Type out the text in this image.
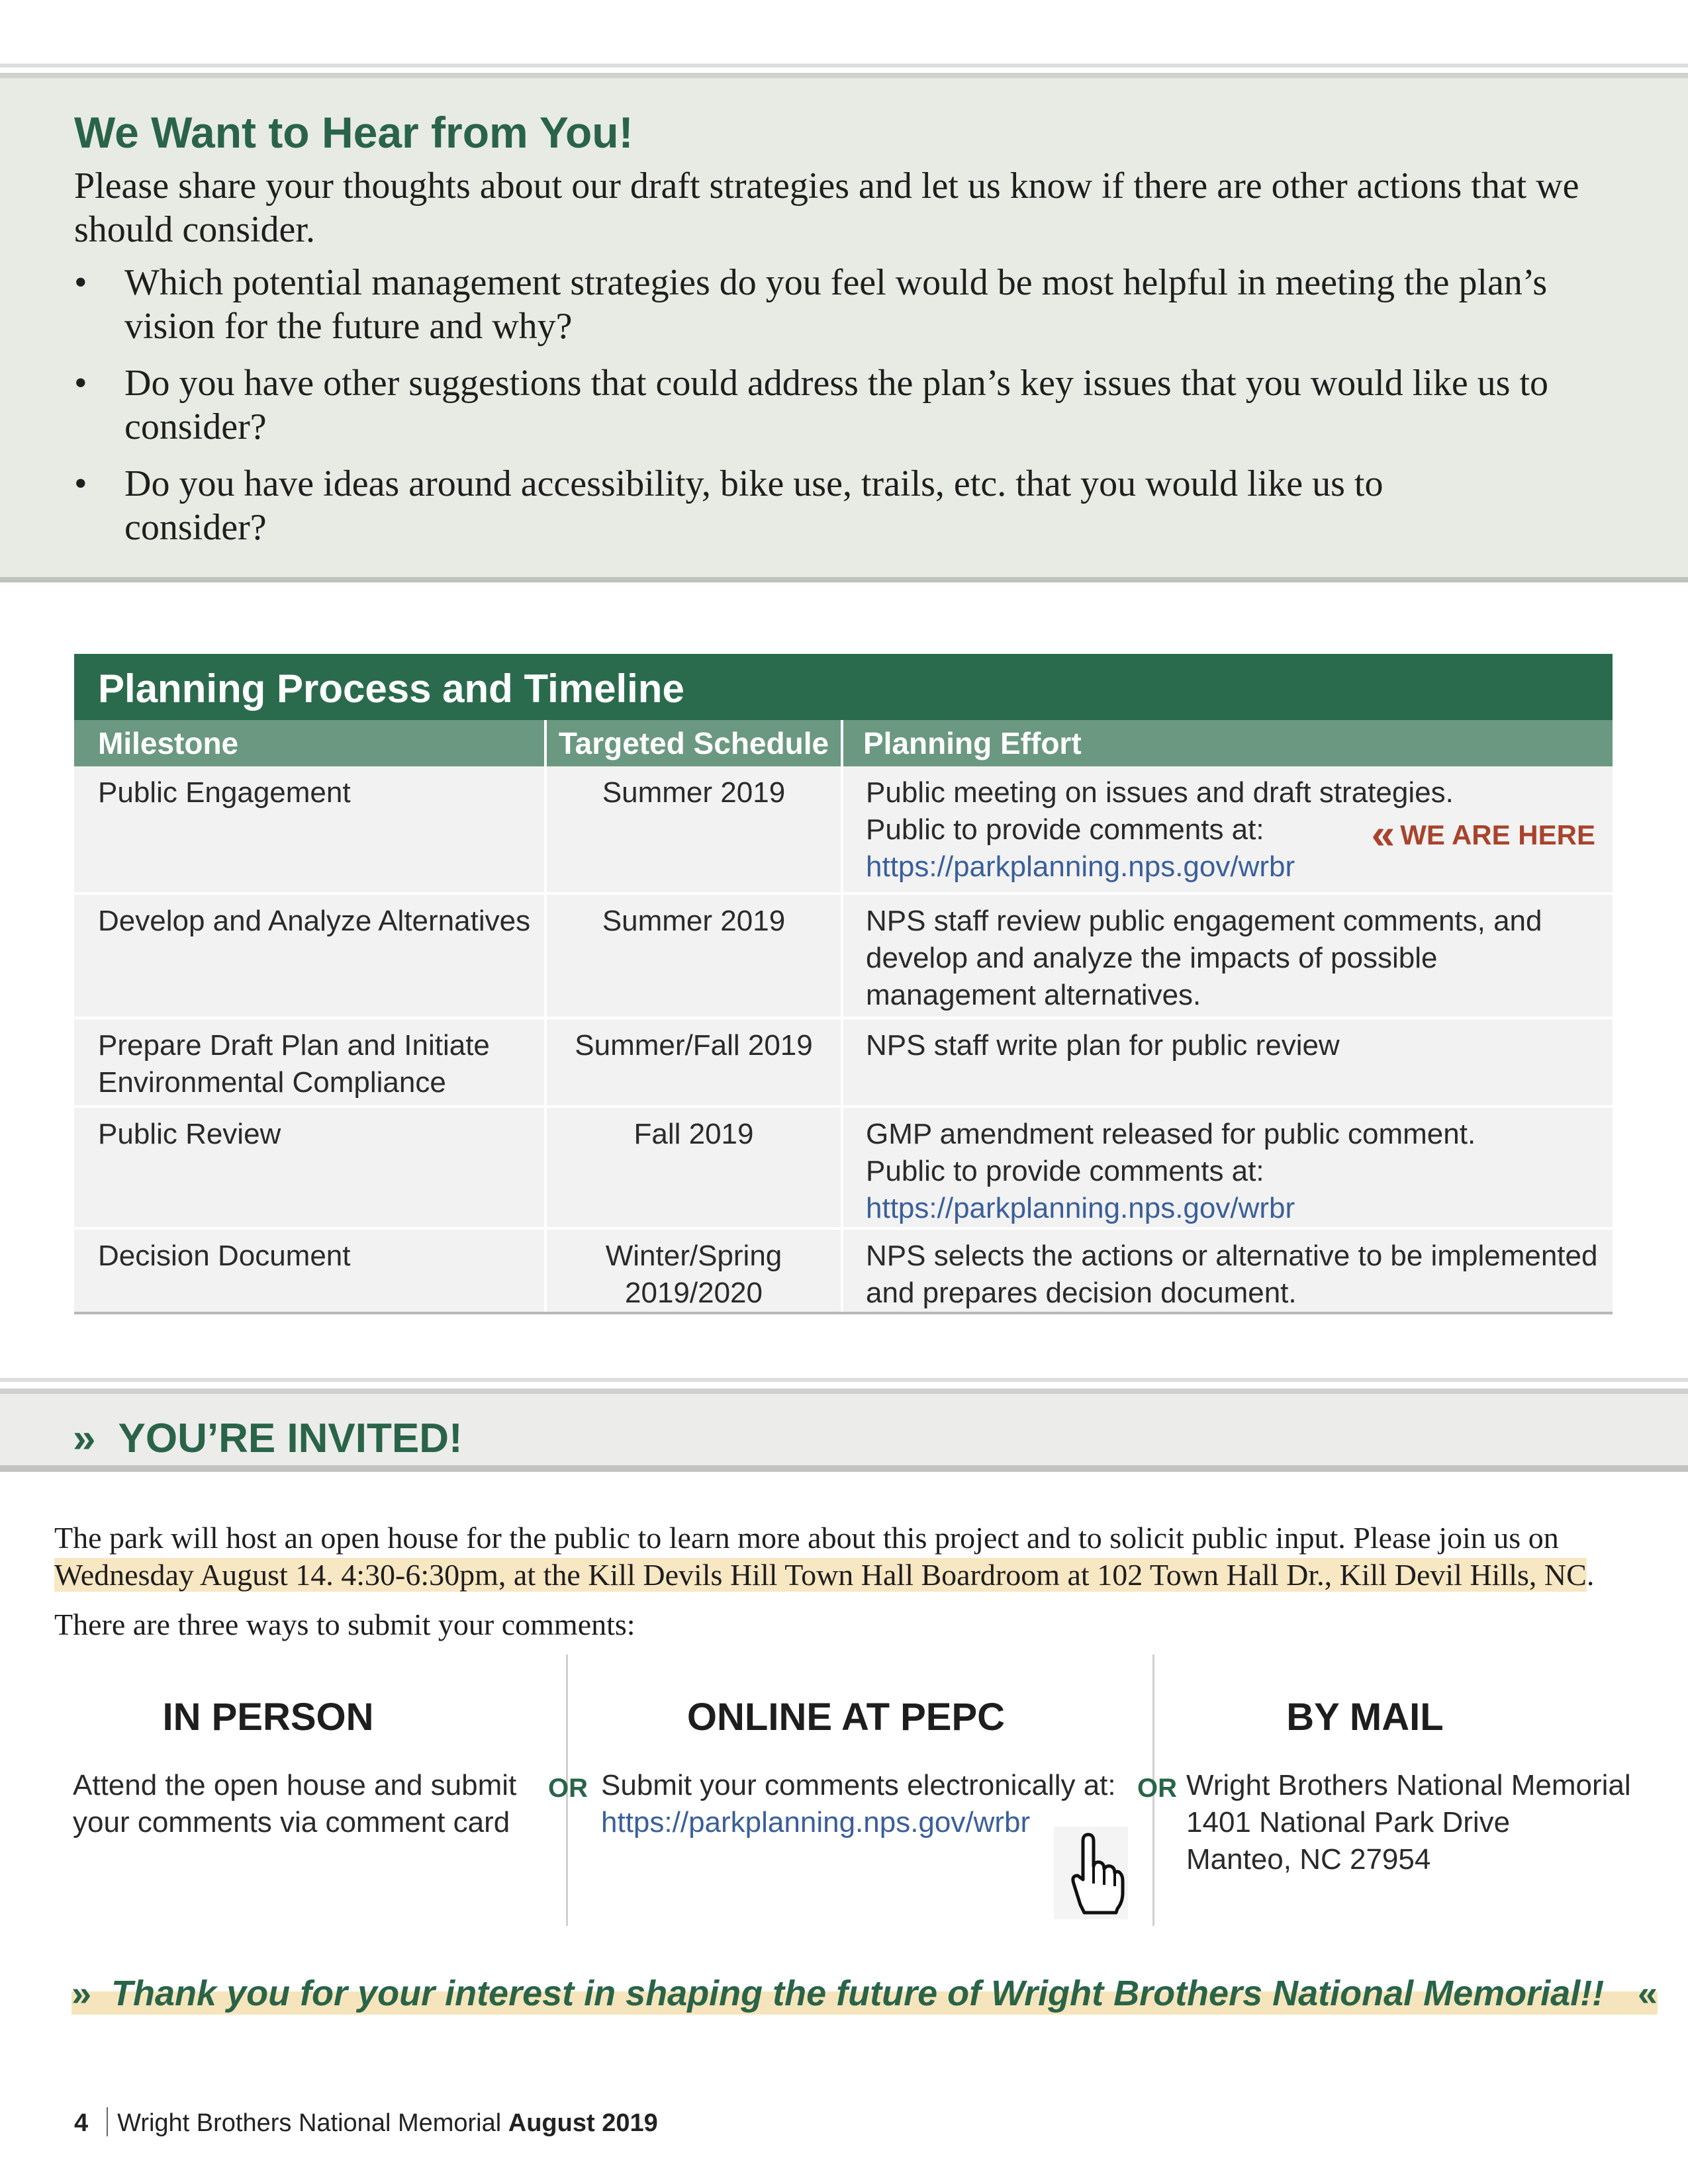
We Want to Hear from You!
Please share your thoughts about our draft strategies and let us know if there are other actions that we should consider.
• Which potential management strategies do you feel would be most helpful in meeting the plan’s vision for the future and why?
• Do you have other suggestions that could address the plan’s key issues that you would like us to consider?
• Do you have ideas around accessibility, bike use, trails, etc. that you would like us to consider?
Planning Process and Timeline
Milestone	Targeted Schedule	Planning Effort
Public Engagement	Summer 2019	Public meeting on issues and draft strategies.
Public to provide comments at:
https://parkplanning.nps.gov/wrbr
« WE ARE HERE

Develop and Analyze Alternatives	Summer 2019	NPS staff review public engagement comments, and develop and analyze the impacts of possible management alternatives.
Prepare Draft Plan and Initiate Environmental Compliance	Summer/Fall 2019	NPS staff write plan for public review
Public Review	Fall 2019	GMP amendment released for public comment.
Public to provide comments at:
https://parkplanning.nps.gov/wrbr

Decision Document	Winter/Spring 2019/2020	NPS selects the actions or alternative to be implemented and prepares decision document.
» YOU’RE INVITED!
The park will host an open house for the public to learn more about this project and to solicit public input. Please join us on Wednesday August 14. 4:30-6:30pm, at the Kill Devils Hill Town Hall Boardroom at 102 Town Hall Dr., Kill Devil Hills, NC.
There are three ways to submit your comments:
IN PERSON
Attend the open house and submit your comments via comment card
OR
ONLINE AT PEPC
Submit your comments electronically at:
https://parkplanning.nps.gov/wrbr
OR
BY MAIL
Wright Brothers National Memorial
1401 National Park Drive
Manteo, NC 27954
» Thank you for your interest in shaping the future of Wright Brothers National Memorial!! «
4 Wright Brothers National Memorial August 2019
